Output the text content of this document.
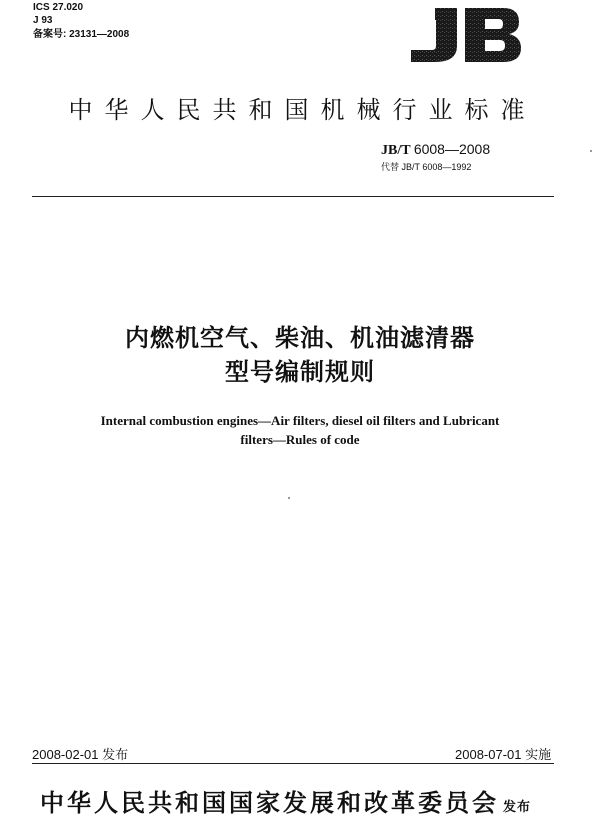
ICS 27.020
J 93
备案号: 23131—2008
中华人民共和国机械行业标准
JB/T 6008—2008
代替 JB/T 6008—1992
内燃机空气、柴油、机油滤清器
型号编制规则
Internal combustion engines—Air filters, diesel oil filters and Lubricant
filters—Rules of code
2008-02-01 发布	2008-07-01 实施
中华人民共和国国家发展和改革委员会 发布
